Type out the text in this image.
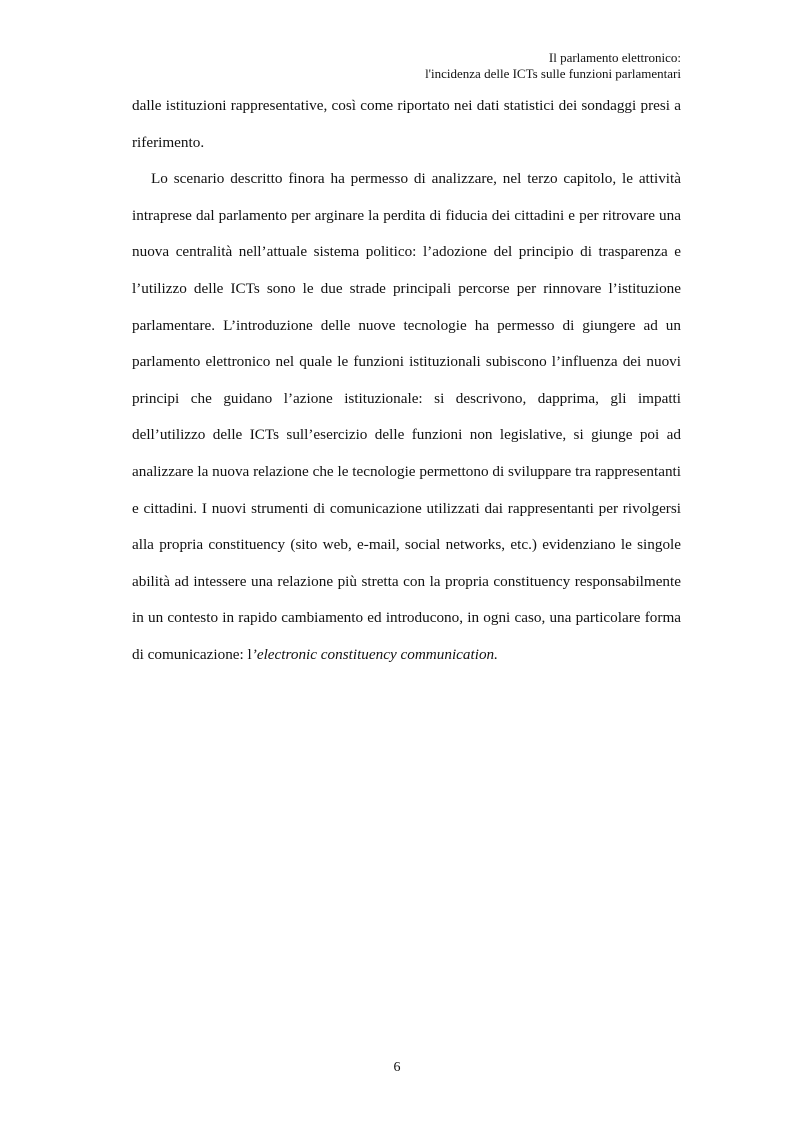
Il parlamento elettronico:
l'incidenza delle ICTs sulle funzioni parlamentari

dalle istituzioni rappresentative, così come riportato nei dati statistici dei sondaggi presi a riferimento.

Lo scenario descritto finora ha permesso di analizzare, nel terzo capitolo, le attività intraprese dal parlamento per arginare la perdita di fiducia dei cittadini e per ritrovare una nuova centralità nell’attuale sistema politico: l’adozione del principio di trasparenza e l’utilizzo delle ICTs sono le due strade principali percorse per rinnovare l’istituzione parlamentare. L’introduzione delle nuove tecnologie ha permesso di giungere ad un parlamento elettronico nel quale le funzioni istituzionali subiscono l’influenza dei nuovi principi che guidano l’azione istituzionale: si descrivono, dapprima, gli impatti dell’utilizzo delle ICTs sull’esercizio delle funzioni non legislative, si giunge poi ad analizzare la nuova relazione che le tecnologie permettono di sviluppare tra rappresentanti e cittadini. I nuovi strumenti di comunicazione utilizzati dai rappresentanti per rivolgersi alla propria constituency (sito web, e-mail, social networks, etc.) evidenziano le singole abilità ad intessere una relazione più stretta con la propria constituency responsabilmente in un contesto in rapido cambiamento ed introducono, in ogni caso, una particolare forma di comunicazione: l’electronic constituency communication.

6
